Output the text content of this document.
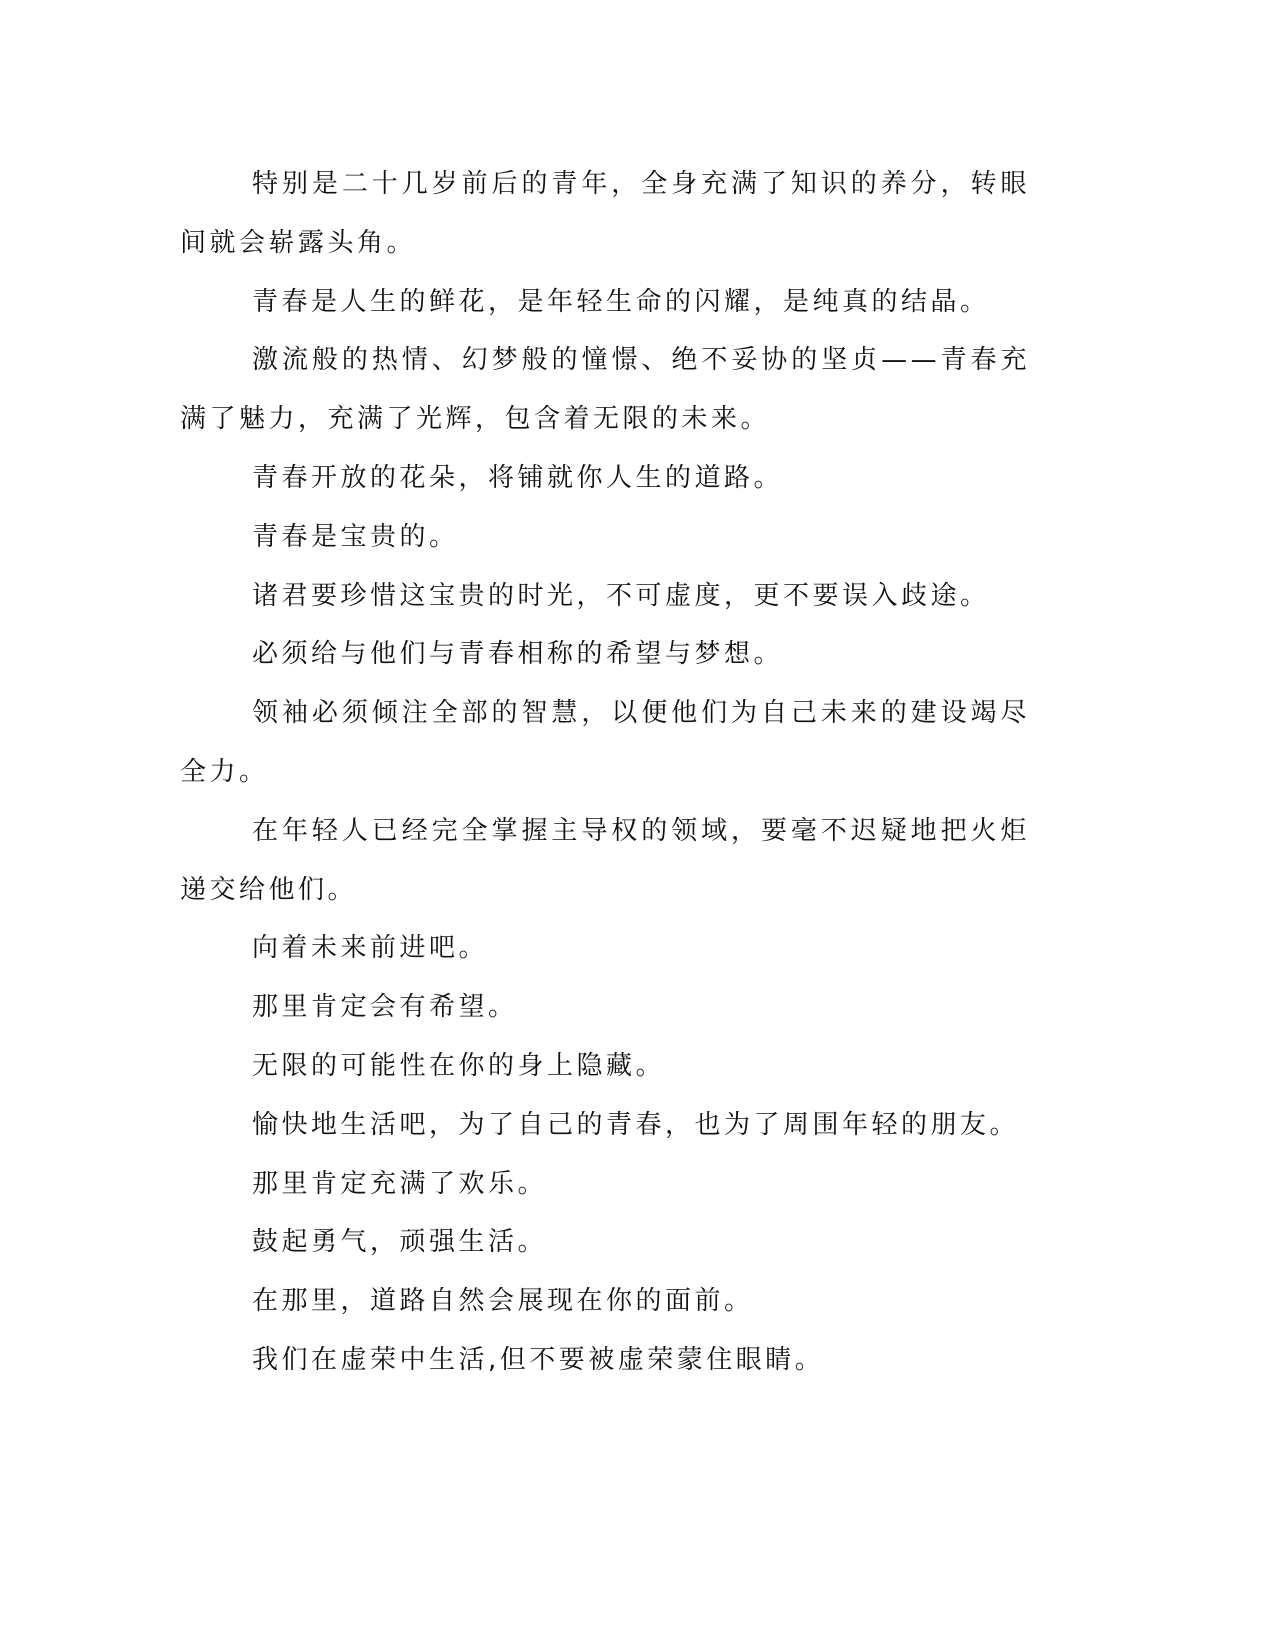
特别是二十几岁前后的青年，全身充满了知识的养分，转眼间就会崭露头角。

青春是人生的鲜花，是年轻生命的闪耀，是纯真的结晶。

激流般的热情、幻梦般的憧憬、绝不妥协的坚贞——青春充满了魅力，充满了光辉，包含着无限的未来。

青春开放的花朵，将铺就你人生的道路。

青春是宝贵的。

诸君要珍惜这宝贵的时光，不可虚度，更不要误入歧途。

必须给与他们与青春相称的希望与梦想。

领袖必须倾注全部的智慧，以便他们为自己未来的建设竭尽全力。

在年轻人已经完全掌握主导权的领域，要毫不迟疑地把火炬递交给他们。

向着未来前进吧。

那里肯定会有希望。

无限的可能性在你的身上隐藏。

愉快地生活吧，为了自己的青春，也为了周围年轻的朋友。

那里肯定充满了欢乐。

鼓起勇气，顽强生活。

在那里，道路自然会展现在你的面前。

我们在虚荣中生活,但不要被虚荣蒙住眼睛。
